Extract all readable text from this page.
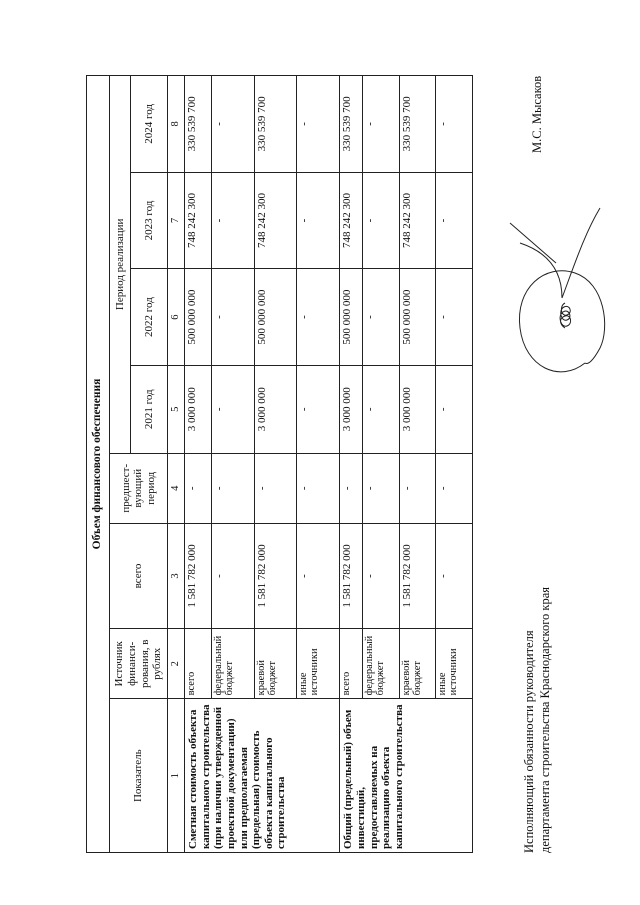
Объем финансового обеспечения							
Показатель	Источник финанси-рования, в рублях	всего	предшест-вующий период	Период реализации			
				2021 год	2022 год	2023 год	2024 год
1	2	3	4	5	6	7	8
Сметная стоимость объекта капитального строительства (при наличии утвержденной проектной документации) или предполагаемая (предельная) стоимость объекта капитального строительства	всего	1 581 782 000	-	3 000 000	500 000 000	748 242 300	330 539 700
	федеральный бюджет	-	-	-	-	-	-
	краевой бюджет	1 581 782 000	-	3 000 000	500 000 000	748 242 300	330 539 700
	иные источники	-	-	-	-	-	-
Общий (предельный) объем инвестиций, предоставляемых на реализацию объекта капитального строительства	всего	1 581 782 000	-	3 000 000	500 000 000	748 242 300	330 539 700
	федеральный бюджет	-	-	-	-	-	-
	краевой бюджет	1 581 782 000	-	3 000 000	500 000 000	748 242 300	330 539 700
	иные источники	-	-	-	-	-	-
Исполняющий обязанности руководителя департамента строительства Краснодарского края
М.С. Мысаков
